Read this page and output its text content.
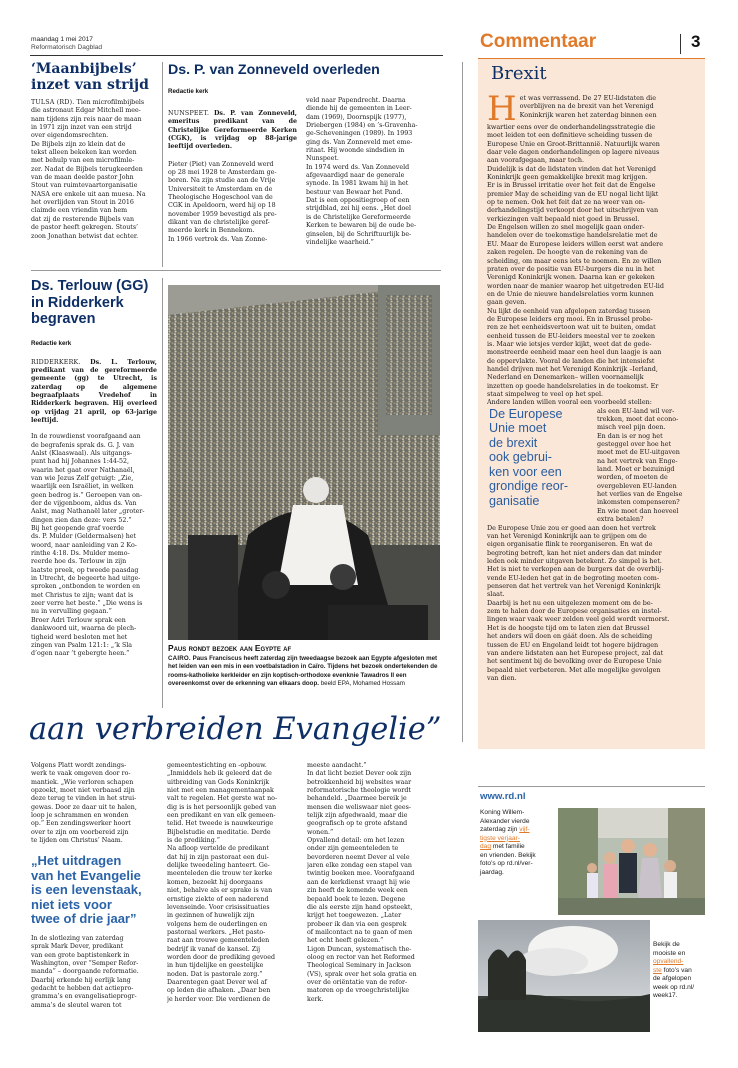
maandag 1 mei 2017
Reformatorisch Dagblad	Commentaar	3
‘Maanbijbels’
inzet van strijd
TULSA (RD). Tien microfilmbijbels
die astronaut Edgar Mitchell mee-
nam tijdens zijn reis naar de maan
in 1971 zijn inzet van een strijd
over eigendomsrechten.
De Bijbels zijn zo klein dat de
tekst alleen bekeken kan worden
met behulp van een microfilmle-
zer. Nadat de Bijbels terugkeerden
van de maan deelde pastor John
Stout van ruimtevaartorganisatie
NASA ere enkele uit aan muesa. Na
het overlijden van Stout in 2016
claimde een vriendin van hem
dat zij de resterende Bijbels van
de pastor heeft gekregen. Stouts’
zoon Jonathan betwist dat echter.
Ds. P. van Zonneveld overleden
Redactie kerk

NUNSPEET. Ds. P. van Zonneveld, emeritus predikant van de Christelijke Gereformeerde Kerken (CGK), is vrijdag op 88-jarige leeftijd overleden.

Pieter (Piet) van Zonneveld werd
op 28 mei 1928 te Amsterdam ge-
boren. Na zijn studie aan de Vrije
Universiteit te Amsterdam en de
Theologische Hogeschool van de
CGK in Apeldoorn, werd hij op 18
november 1959 bevestigd als pre-
dikant van de christelijke geref-
meerde kerk in Bennekom.
In 1966 vertrok ds. Van Zonne-
veld naar Papendrecht. Daarna
diende hij de gemeenten in Leer-
dam (1969), Doornspijk (1977),
Driebergen (1984) en ’s-Gravenha-
ge-Scheveningen (1989). In 1993
ging ds. Van Zonneveld met eme-
ritaat. Hij woonde sindsdien in
Nunspeet.
In 1974 werd ds. Van Zonneveld
afgevaardigd naar de generale
synode. In 1981 kwam hij in het
bestuur van Bewaar het Pand.
Dat is een oppositiegroep of een
strijdblad, zei hij eens. „Het doel
is de Christelijke Gereformeerde
Kerken te bewaren bij de oude be-
ginselen, bij de Schriftuurlijk be-
vindelijke waarheid.”
Ds. Terlouw (GG)
in Ridderkerk
begraven
Redactie kerk

RIDDERKERK. Ds. L. Terlouw, predikant van de gereformeerde gemeente (gg) te Utrecht, is zaterdag op de algemene begraafplaats Vredehof in Ridderkerk begraven. Hij overleed op vrijdag 21 april, op 63-jarige leeftijd.

In de rouwdienst voorafgaand aan
de begrafenis sprak ds. G. J. van
Aalst (Klaaswaal). Als uitgangs-
punt had hij Johannes 1:44-52,
waarin het gaat over Nathanaël,
van wie Jezus Zelf getuigt: „Zie,
waarlijk een Israëliet, in welken
geen bedrog is.” Geroepen van on-
der de vijgenboom, aldus ds. Van
Aalst, mag Nathanaël later „groter-
dingen zien dan deze: vers 52.”
Bij het geopende graf voerde
ds. P. Mulder (Geldermalsen) het
woord, naar aanleiding van 2 Ko-
rinthe 4:18. Ds. Mulder memo-
reerde hoe ds. Terlouw in zijn
laatste preek, op tweede paasdag
in Utrecht, de begeerte had uitge-
sproken „ontbonden te worden en
met Christus te zijn; want dat is
zeer verre het beste.” „Die wens is
nu in vervulling gegaan.”
Broer Adri Terlouw sprak een
dankwoord uit, waarna de plech-
tigheid werd besloten met het
zingen van Psalm 121:1: „’k Sla
d’ogen naar ’t gebergte heen.”
Paus rondt bezoek aan Egypte af

CAIRO. Paus Franciscus heeft zaterdag zijn tweedaagse bezoek aan Egypte afgesloten met het leiden van een mis in een voetbalstadion in Caïro. Tijdens het bezoek ondertekenden de rooms-katholieke kerkleider en zijn koptisch-orthodoxe evenknie Tawadros II een overeenkomst over de erkenning van elkaars doop. beeld EPA, Mohamed Hossam

aan verbreiden Evangelie”
Volgens Platt wordt zendings-
werk te vaak omgeven door ro-
mantiek. „Wie verloren schapen
opzoekt, moet niet verbaasd zijn
deze terug te vinden in het strui-
gewas. Door ze daar uit te halen,
loop je schrammen en wonden
op.” Een zendingswerker hoort
over te zijn om voorbereid zijn
te lijden om Christus’ Naam.
„Het uitdragen
van het Evangelie
is een levenstaak,
niet iets voor
twee of drie jaar”
In de slotlezing van zaterdag
sprak Mark Dever, predikant
van een grote baptistenkerk in
Washington, over “Semper Refor-
manda” – doorgaande reformatie.
Daarbij erkende hij eerlijk lang
gedacht te hebben dat actiepro-
gramma’s en evangelisatieprogr-
amma’s de sleutel waren tot
gemeentestichting en -opbouw.
„Inmiddels heb ik geleerd dat de
uitbreiding van Gods Koninkrijk
niet met een managementaanpak
valt te regelen. Het gerste wat no-
dig is is het persoonlijk gebed van
een predikant en van elk gemeen-
telid. Het tweede is nauwkeurige
Bijbelstudie en meditatie. Derde
is de prediking.”
Na afloop vertelde de predikant
dat hij in zijn pastoraat een dui-
delijke tweedeling hanteert. Ge-
meenteleden die trouw ter kerke
komen, bezoekt hij doorgaans
niet, behalve als er sprake is van
ernstige ziekte of een naderend
levenseinde. Voor crisissituaties
in gezinnen of huwelijk zijn
volgens hem de ouderlingen en
pastoraal werkers. „Het pasto-
raat aan trouwe gemeenteleden
bedrijf ik vanaf de kansel. Zij
worden door de prediking gevoed
in hun tijdelijke en geestelijke
noden. Dat is pastorale zorg.”
Daarentegen gaat Dever wel af
op leden die afhaken. „Daar ben
je herder voor. Die verdienen de
meeste aandacht.”
In dat licht beziet Dever ook zijn
betrokkenheid bij websites waar
reformatorische theologie wordt
behandeld. „Daarmee bereik je
mensen die weliswaar niet gees-
telijk zijn afgedwaald, maar die
geografisch op te grote afstand
wonen.”
Opvallend detail: om het lezen
onder zijn gemeenteleden te
bevorderen neemt Dever al vele
jaren elke zondag een stapel van
twintig boeken mee. Voorafgaand
aan de kerkdienst vraagt hij wie
zin heeft de komende week een
bepaald boek te lezen. Degene
die als eerste zijn hand opsteekt,
krijgt het toegewezen. „Later
probeer ik dan via een gesprek
of mailcontact na te gaan of men
het echt heeft gelezen.”
Ligon Duncan, systematisch the-
oloog en rector van het Reformed
Theological Seminary in Jackson
(VS), sprak over het sola gratia en
over de oriëntatie van de refor-
matoren op de vroegchristelijke
kerk.
Brexit
H et was verrassend. De 27 EU-lidstaten die
overblijven na de brexit van het Verenigd
Koninkrijk waren het zaterdag binnen een
kwartier eens over de onderhandelingsstrategie die
moet leiden tot een definitieve scheiding tussen de
Europese Unie en Groot-Brittannië. Natuurlijk waren
daar vele dagen onderhandelingen op lagere niveaus
aan voorafgegaan, maar toch.
Duidelijk is dat de lidstaten vinden dat het Verenigd
Koninkrijk geen gemakkelijke brexit mag krijgen.
Er is in Brussel irritatie over het feit dat de Engelse
premier May de scheiding van de EU nogal licht lijkt
op te nemen. Ook het feit dat ze na weer van on-
derhandelingstijd verkoopt door het uitschrijven van
verkiezingen valt bepaald niet goed in Brussel.
De Engelsen willen zo snel mogelijk gaan onder-
handelen over de toekomstige handelsrelatie met de
EU. Maar de Europese leiders willen eerst wat andere
zaken regelen. De hoogte van de rekening van de
scheiding, om maar eens iets te noemen. En ze willen
praten over de positie van EU-burgers die nu in het
Verenigd Koninkrijk wonen. Daarna kan er gekeken
worden naar de manier waarop het uitgetreden EU-lid
en de Unie de nieuwe handelsrelaties vorm kunnen
gaan geven.
Nu lijkt de eenheid van afgelopen zaterdag tussen
de Europese leiders erg mooi. En in Brussel probe-
ren ze het eenheidsvertoon wat uit te buiten, omdat
eenheid tussen de EU-leiders meestal ver te zoeken
is. Maar wie ietsjes verder kijkt, weet dat de gede-
monstreerde eenheid maar een heel dun laagje is aan
de oppervlakte. Vooral de landen die het intensiefst
handel drijven met het Verenigd Koninkrijk –Ierland,
Nederland en Denemarken– willen voornamelijk
inzetten op goede handelsrelaties in de toekomst. Er
staat simpelweg te veel op het spel.
Andere landen willen vooral een voorbeeld stellen:
De Europese
Unie moet
de brexit
ook gebrui-
ken voor een
grondige reor-
ganisatie
als een EU-land wil ver-
trekken, moet dat econo-
misch veel pijn doen.
En dan is er nog het
gesteggel over hoe het
moet met de EU-uitgaven
na het vertrek van Enge-
land. Moet er bezuinigd
worden, of moeten de
overgebleven EU-landen
het verlies van de Engelse
inkomsten compenseren?
En wie moet dan hoeveel
extra betalen?
De Europese Unie zou er goed aan doen het vertrek
van het Verenigd Koninkrijk aan te grijpen om de
eigen organisatie flink te reorganiseren. En wat de
begroting betreft, kan het niet anders dan dat minder
leden ook minder uitgaven betekent. Zo simpel is het.
Het is niet te verkopen aan de burgers dat de overblij-
vende EU-leden het gat in de begroting moeten com-
penseren dat het vertrek van het Verenigd Koninkrijk
slaat.
Daarbij is het nu een uitgelezen moment om de be-
zem te halen door de Europese organisaties en instel-
lingen waar vaak weer zelden veel geld wordt vermorst.
Het is de hoogste tijd om te laten zien dat Brussel
het anders wil doen en gáát doen. Als de scheiding
tussen de EU en Engeland leidt tot hogere bijdragen
van andere lidstaten aan het Europese project, zal dat
het sentiment bij de bevolking over de Europese Unie
bepaald niet verbeteren. Met alle mogelijke gevolgen
van dien.
www.rd.nl
Koning Willem-
Alexander vierde
zaterdag zijn vijf-
tigste verjaar-
dag met familie
en vrienden. Bekijk
foto’s op rd.nl/ver-
jaardag.
Bekijk de
mooiste en
opvallend-
ste foto’s van
de afgelopen
week op rd.nl/
week17.
